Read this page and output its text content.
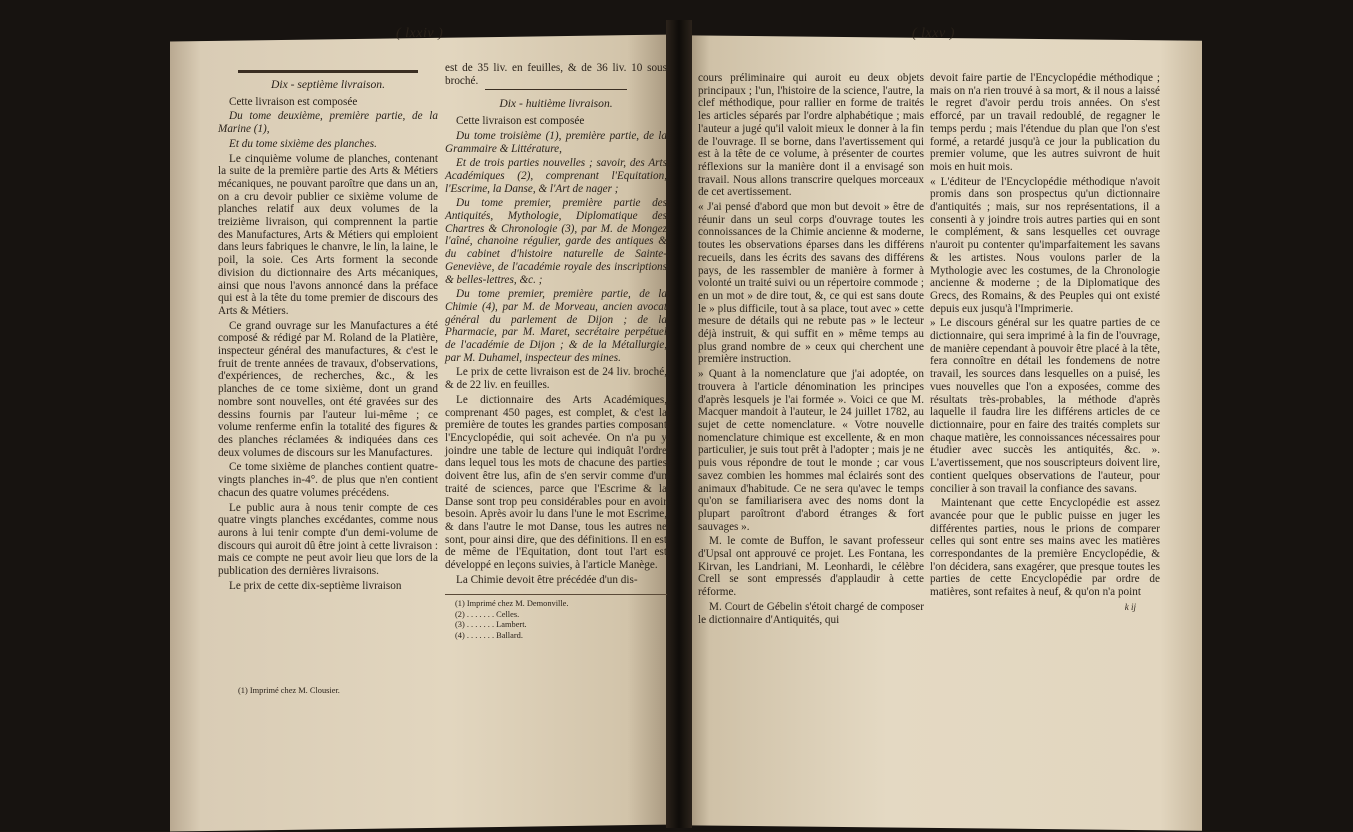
( lxxiv )	( lxxv )
Dix - septième livraison.

Cette livraison est composée

Du tome deuxième, première partie, de la Marine (1),

Et du tome sixième des planches.

Le cinquième volume de planches, contenant la suite de la première partie des Arts & Métiers mécaniques, ne pouvant paroître que dans un an, on a cru devoir publier ce sixième volume de planches relatif aux deux volumes de la treizième livraison, qui comprennent la partie des Manufactures, Arts & Métiers qui emploient dans leurs fabriques le chanvre, le lin, la laine, le poil, la soie. Ces Arts forment la seconde division du dictionnaire des Arts mécaniques, ainsi que nous l'avons annoncé dans la préface qui est à la tête du tome premier de discours des Arts & Métiers.

Ce grand ouvrage sur les Manufactures a été composé & rédigé par M. Roland de la Platière, inspecteur général des manufactures, & c'est le fruit de trente années de travaux, d'observations, d'expériences, de recherches, &c., & les planches de ce tome sixième, dont un grand nombre sont nouvelles, ont été gravées sur des dessins fournis par l'auteur lui-même ; ce volume renferme enfin la totalité des figures & des planches réclamées & indiquées dans ces deux volumes de discours sur les Manufactures.

Ce tome sixième de planches contient quatre-vingts planches in-4°. de plus que n'en contient chacun des quatre volumes précédens.

Le public aura à nous tenir compte de ces quatre vingts planches excédantes, comme nous aurons à lui tenir compte d'un demi-volume de discours qui auroit dû être joint à cette livraison : mais ce compte ne peut avoir lieu que lors de la publication des dernières livraisons.

Le prix de cette dix-septième livraison

(1) Imprimé chez M. Clousier.

est de 35 liv. en feuilles, & de 36 liv. 10 sous broché.

Dix - huitième livraison.

Cette livraison est composée

Du tome troisième (1), première partie, de la Grammaire & Littérature,

Et de trois parties nouvelles ; savoir, des Arts Académiques (2), comprenant l'Equitation, l'Escrime, la Danse, & l'Art de nager ;

Du tome premier, première partie des Antiquités, Mythologie, Diplomatique des Chartres & Chronologie (3), par M. de Mongez l'aîné, chanoine régulier, garde des antiques & du cabinet d'histoire naturelle de Sainte-Geneviève, de l'académie royale des inscriptions & belles-lettres, &c. ;

Du tome premier, première partie, de la Chimie (4), par M. de Morveau, ancien avocat général du parlement de Dijon ; de la Pharmacie, par M. Maret, secrétaire perpétuel de l'académie de Dijon ; & de la Métallurgie, par M. Duhamel, inspecteur des mines.

Le prix de cette livraison est de 24 liv. broché, & de 22 liv. en feuilles.

Le dictionnaire des Arts Académiques, comprenant 450 pages, est complet, & c'est la première de toutes les grandes parties composant l'Encyclopédie, qui soit achevée. On n'a pu y joindre une table de lecture qui indiquât l'ordre dans lequel tous les mots de chacune des parties doivent être lus, afin de s'en servir comme d'un traité de sciences, parce que l'Escrime & la Danse sont trop peu considérables pour en avoir besoin. Après avoir lu dans l'une le mot Escrime, & dans l'autre le mot Danse, tous les autres ne sont, pour ainsi dire, que des définitions. Il en est de même de l'Equitation, dont tout l'art est développé en leçons suivies, à l'article Manège.

La Chimie devoit être précédée d'un dis-

(1) Imprimé chez M. Demonville.
(2) . . . . . . . Celles.
(3) . . . . . . . Lambert.
(4) . . . . . . . Ballard.

cours préliminaire qui auroit eu deux objets principaux ; l'un, l'histoire de la science, l'autre, la clef méthodique, pour rallier en forme de traités les articles séparés par l'ordre alphabétique ; mais l'auteur a jugé qu'il valoit mieux le donner à la fin de l'ouvrage. Il se borne, dans l'avertissement qui est à la tête de ce volume, à présenter de courtes réflexions sur la manière dont il a envisagé son travail. Nous allons transcrire quelques morceaux de cet avertissement.

« J'ai pensé d'abord que mon but devoit » être de réunir dans un seul corps d'ouvrage toutes les connoissances de la Chimie ancienne & moderne, toutes les observations éparses dans les différens recueils, dans les écrits des savans des différens pays, de les rassembler de manière à former à volonté un traité suivi ou un répertoire commode ; en un mot » de dire tout, &, ce qui est sans doute le » plus difficile, tout à sa place, tout avec » cette mesure de détails qui ne rebute pas » le lecteur déjà instruit, & qui suffit en » même temps au plus grand nombre de » ceux qui cherchent une première instruction.

» Quant à la nomenclature que j'ai adoptée, on trouvera à l'article dénomination les principes d'après lesquels je l'ai formée ». Voici ce que M. Macquer mandoit à l'auteur, le 24 juillet 1782, au sujet de cette nomenclature. « Votre nouvelle nomenclature chimique est excellente, & en mon particulier, je suis tout prêt à l'adopter ; mais je ne puis vous répondre de tout le monde ; car vous savez combien les hommes mal éclairés sont des animaux d'habitude. Ce ne sera qu'avec le temps qu'on se familiarisera avec des noms dont la plupart paroîtront d'abord étranges & fort sauvages ».

M. le comte de Buffon, le savant professeur d'Upsal ont approuvé ce projet. Les Fontana, les Kirvan, les Landriani, M. Leonhardi, le célèbre Crell se sont empressés d'applaudir à cette réforme.

M. Court de Gébelin s'étoit chargé de composer le dictionnaire d'Antiquités, qui

devoit faire partie de l'Encyclopédie méthodique ; mais on n'a rien trouvé à sa mort, & il nous a laissé le regret d'avoir perdu trois années. On s'est efforcé, par un travail redoublé, de regagner le temps perdu ; mais l'étendue du plan que l'on s'est formé, a retardé jusqu'à ce jour la publication du premier volume, que les autres suivront de huit mois en huit mois.

« L'éditeur de l'Encyclopédie méthodique n'avoit promis dans son prospectus qu'un dictionnaire d'antiquités ; mais, sur nos représentations, il a consenti à y joindre trois autres parties qui en sont le complément, & sans lesquelles cet ouvrage n'auroit pu contenter qu'imparfaitement les savans & les artistes. Nous voulons parler de la Mythologie avec les costumes, de la Chronologie ancienne & moderne ; de la Diplomatique des Grecs, des Romains, & des Peuples qui ont existé depuis eux jusqu'à l'Imprimerie.

» Le discours général sur les quatre parties de ce dictionnaire, qui sera imprimé à la fin de l'ouvrage, de manière cependant à pouvoir être placé à la tête, fera connoître en détail les fondemens de notre travail, les sources dans lesquelles on a puisé, les vues nouvelles que l'on a exposées, comme des résultats très-probables, la méthode d'après laquelle il faudra lire les différens articles de ce dictionnaire, pour en faire des traités complets sur chaque matière, les connoissances nécessaires pour étudier avec succès les antiquités, &c. ». L'avertissement, que nos souscripteurs doivent lire, contient quelques observations de l'auteur, pour concilier à son travail la confiance des savans.

Maintenant que cette Encyclopédie est assez avancée pour que le public puisse en juger les différentes parties, nous le prions de comparer celles qui sont entre ses mains avec les matières correspondantes de la première Encyclopédie, & l'on décidera, sans exagérer, que presque toutes les parties de cette Encyclopédie par ordre de matières, sont refaites à neuf, & qu'on n'a point

k ij
